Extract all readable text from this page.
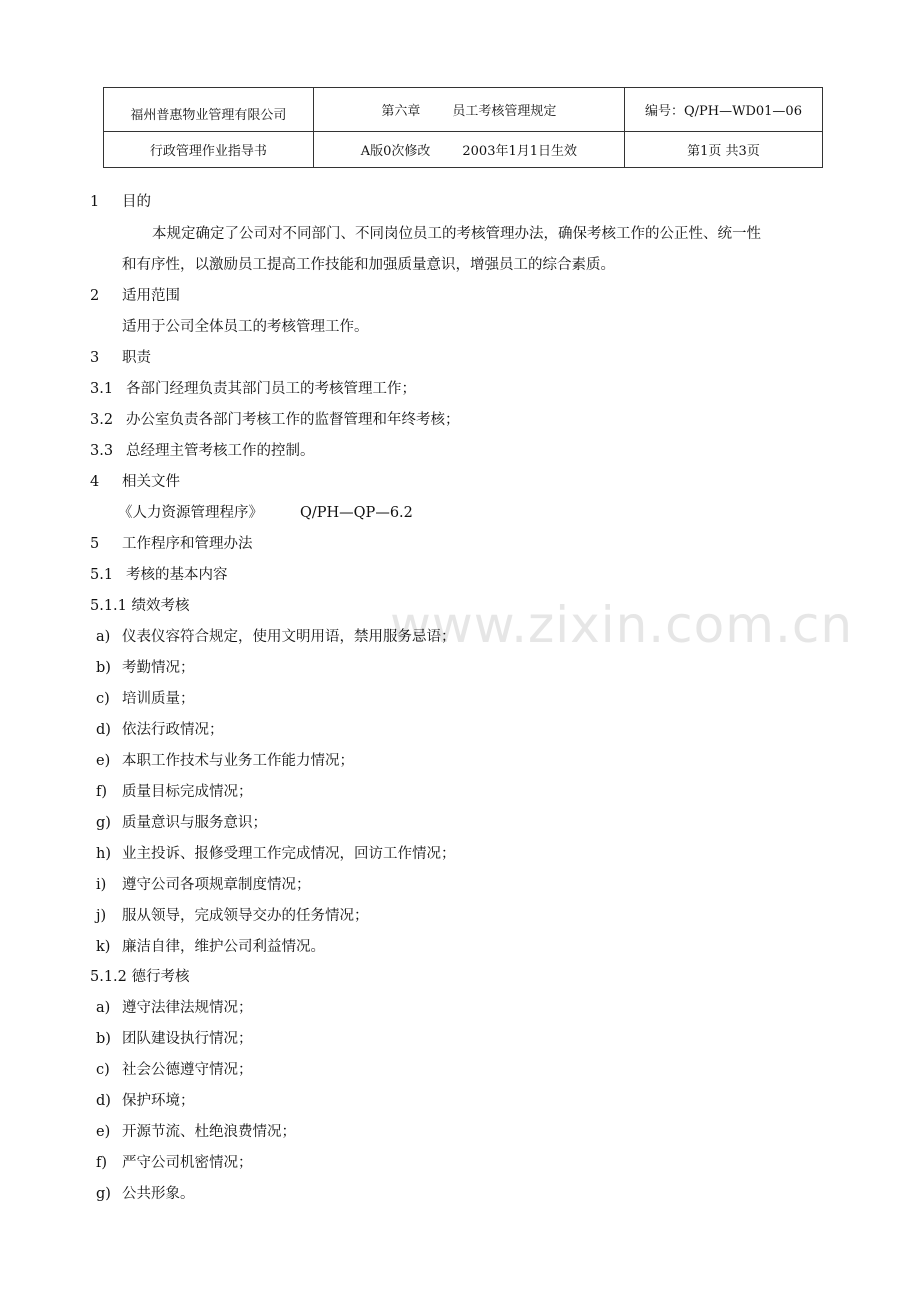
福州普惠物业管理有限公司	第六章 员工考核管理规定	编号：Q/PH—WD01—06
行政管理作业指导书	A版0次修改 2003年1月1日生效	第1页 共3页
www.zixin.com.cn
1 目的
本规定确定了公司对不同部门、不同岗位员工的考核管理办法，确保考核工作的公正性、统一性
和有序性，以激励员工提高工作技能和加强质量意识，增强员工的综合素质。
2 适用范围
适用于公司全体员工的考核管理工作。
3 职责
3.1 各部门经理负责其部门员工的考核管理工作；
3.2 办公室负责各部门考核工作的监督管理和年终考核；
3.3 总经理主管考核工作的控制。
4 相关文件
《人力资源管理程序》	Q/PH—QP—6.2
5 工作程序和管理办法
5.1 考核的基本内容
5.1.1 绩效考核
a) 仪表仪容符合规定，使用文明用语，禁用服务忌语；
b) 考勤情况；
c) 培训质量；
d) 依法行政情况；
e) 本职工作技术与业务工作能力情况；
f) 质量目标完成情况；
g) 质量意识与服务意识；
h) 业主投诉、报修受理工作完成情况，回访工作情况；
i) 遵守公司各项规章制度情况；
j) 服从领导，完成领导交办的任务情况；
k) 廉洁自律，维护公司利益情况。
5.1.2 德行考核
a) 遵守法律法规情况；
b) 团队建设执行情况；
c) 社会公德遵守情况；
d) 保护环境；
e) 开源节流、杜绝浪费情况；
f) 严守公司机密情况；
g) 公共形象。
